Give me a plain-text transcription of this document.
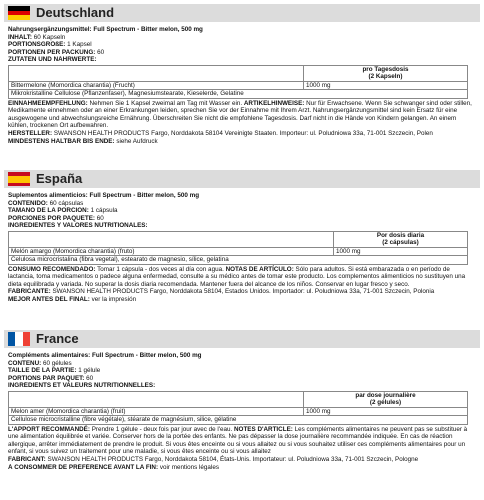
Deutschland
Nahrungsergänzungsmittel: Full Spectrum - Bitter melon, 500 mg
INHALT: 60 Kapseln
PORTIONSGRÖßE: 1 Kapsel
PORTIONEN PER PACKUNG: 60
ZUTATEN UND NÄHRWERTE:
	pro Tagesdosis
(2 Kapseln)
Bittermelone (Momordica charantia) (Frucht)	1000 mg
Mikrokristalline Cellulose (Pflanzenfaser), Magnesiumstearate, Kieselerde, Gelatine	

EINNAHMEEMPFEHLUNG: Nehmen Sie 1 Kapsel zweimal am Tag mit Wasser ein. ARTIKELHINWEISE: Nur für Erwachsene. Wenn Sie schwanger sind oder stillen, Medikamente einnehmen oder an einer Erkrankungen leiden, sprechen Sie vor der Einnahme mit Ihrem Arzt. Nahrungsergänzungsmittel sind kein Ersatz für eine ausgewogene und abwechslungsreiche Ernährung. Überschreiten Sie nicht die empfohlene Tagesdosis. Darf nicht in die Hände von Kindern gelangen. An einem kühlen, trockenen Ort aufbewahren.

HERSTELLER: SWANSON HEALTH PRODUCTS Fargo, Norddakota 58104 Vereinigte Staaten. Importeur: ul. Poludniowa 33a, 71-001 Szczecin, Polen

MINDESTENS HALTBAR BIS ENDE: siehe Aufdruck
España
Suplementos alimenticios: Full Spectrum - Bitter melon, 500 mg
CONTENIDO: 60 cápsulas
TAMAÑO DE LA PORCIÓN: 1 cápsula
PORCIONES POR PAQUETE: 60
INGREDIENTES Y VALORES NUTRITIONALES:
	Por dosis diaria
(2 cápsulas)
Melón amargo (Momordica charantia) (fruto)	1000 mg
Celulosa microcristalina (fibra vegetal), estearato de magnesio, sílice, gelatina	

CONSUMO RECOMENDADO: Tomar 1 cápsula - dos veces al día con agua. NOTAS DE ARTÍCULO: Sólo para adultos. Si está embarazada o en período de lactancia, toma medicamentos o padece alguna enfermedad, consulte a su médico antes de tomar este producto. Los complementos alimenticios no sustituyen una dieta equilibrada y variada. No superar la dosis diaria recomendada. Mantener fuera del alcance de los niños. Conservar en lugar fresco y seco.

FABRICANTE: SWANSON HEALTH PRODUCTS Fargo, Norddakota 58104, Estados Unidos. Importador: ul. Poludniowa 33a, 71-001 Szczecin, Polonia

MEJOR ANTES DEL FINAL: ver la impresión
France
Compléments alimentaires: Full Spectrum - Bitter melon, 500 mg
CONTENU: 60 gélules
TAILLE DE LA PARTIE: 1 gélule
PORTIONS PAR PAQUET: 60
INGRÉDIENTS ET VALEURS NUTRITIONNELLES:
	par dose journalière
(2 gélules)
Melon amer (Momordica charantia) (fruit)	1000 mg
Cellulose microcristalline (fibre végétale), stéarate de magnésium, silice, gélatine	

L'APPORT RECOMMANDÉ: Prendre 1 gélule - deux fois par jour avec de l'eau. NOTES D'ARTICLE: Les compléments alimentaires ne peuvent pas se substituer à une alimentation équilibrée et variée. Conserver hors de la portée des enfants. Ne pas dépasser la dose journalière recommandée indiquée. En cas de réaction allergique, arrêter immédiatement de prendre le produit. Si vous êtes enceinte ou si vous allaitez ou si vous souhaitez utiliser ces compléments alimentaires pour un enfant, si vous suivez un traitement pour une maladie, si vous êtes enceinte ou si vous allaitez

FABRICANT: SWANSON HEALTH PRODUCTS Fargo, Norddakota 58104, États-Unis. Importateur: ul. Poludniowa 33a, 71-001 Szczecin, Pologne

À CONSOMMER DE PRÉFÉRENCE AVANT LA FIN: voir mentions légales
